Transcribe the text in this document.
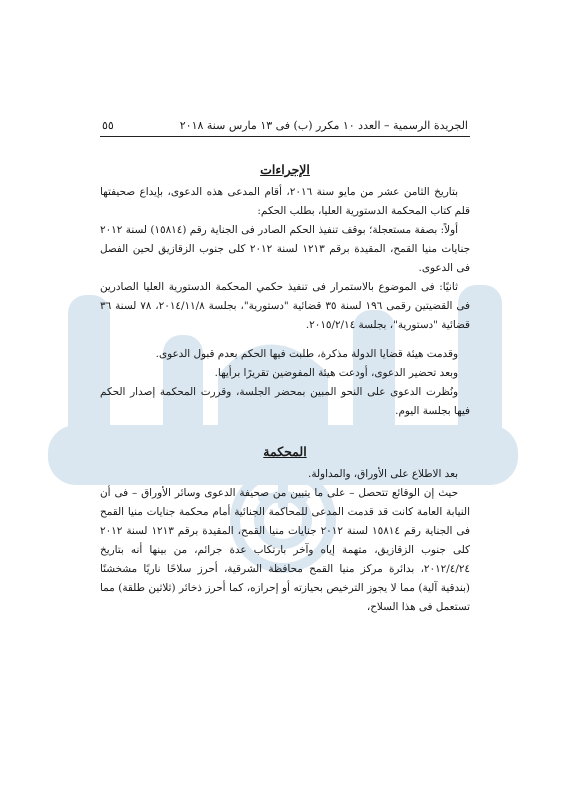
الجريدة الرسمية – العدد ١٠ مكرر (ب) فى ١٣ مارس سنة ٢٠١٨
٥٥
الإجراءات

بتاريخ الثامن عشر من مايو سنة ٢٠١٦، أقام المدعى هذه الدعوى، بإيداع صحيفتها قلم كتاب المحكمة الدستورية العليا، بطلب الحكم:

أولاً: بصفة مستعجلة؛ بوقف تنفيذ الحكم الصادر فى الجناية رقم (١٥٨١٤) لسنة ٢٠١٢ جنايات منيا القمح، المقيدة برقم ١٢١٣ لسنة ٢٠١٢ كلى جنوب الزقازيق لحين الفصل فى الدعوى.

ثانيًا: فى الموضوع بالاستمرار فى تنفيذ حكمي المحكمة الدستورية العليا الصادرين فى القضيتين رقمى ١٩٦ لسنة ٣٥ قضائية "دستورية"، بجلسة ٢٠١٤/١١/٨، ٧٨ لسنة ٣٦ قضائية "دستورية"، بجلسة ٢٠١٥/٢/١٤.

وقدمت هيئة قضايا الدولة مذكرة، طلبت فيها الحكم بعدم قبول الدعوى.

وبعد تحضير الدعوى، أودعت هيئة المفوضين تقريرًا برأيها.

ونُظرت الدعوى على النحو المبين بمحضر الجلسة، وقررت المحكمة إصدار الحكم فيها بجلسة اليوم.

المحكمة

بعد الاطلاع على الأوراق، والمداولة.

حيث إن الوقائع تتحصل – على ما يتبين من صحيفة الدعوى وسائر الأوراق – فى أن النيابة العامة كانت قد قدمت المدعى للمحاكمة الجنائية أمام محكمة جنايات منيا القمح فى الجناية رقم ١٥٨١٤ لسنة ٢٠١٢ جنايات منيا القمح، المقيدة برقم ١٢١٣ لسنة ٢٠١٢ كلى جنوب الزقازيق، متهمة إياه وآخر بارتكاب عدة جرائم، من بينها أنه بتاريخ ٢٠١٢/٤/٢٤، بدائرة مركز منيا القمح محافظة الشرقية، أحرز سلاحًا ناريًا مشخشنًا (بندقية آلية) مما لا يجوز الترخيص بحيازته أو إحرازه، كما أحرز ذخائر (ثلاثين طلقة) مما تستعمل فى هذا السلاح،
